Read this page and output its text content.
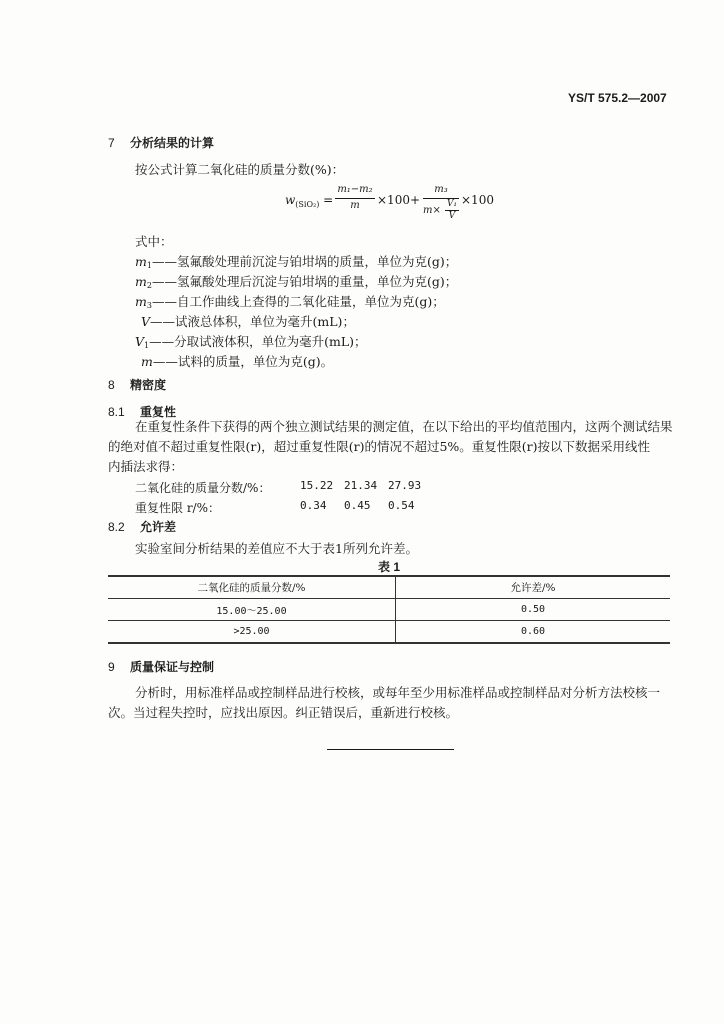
YS/T 575.2—2007
7 分析结果的计算
按公式计算二氧化硅的质量分数(%)：
$w_{(SiO_2)}$ =
m₁−m₂
m	×100+
m₃
m×
V₁
V
×100
式中：
m1——氢氟酸处理前沉淀与铂坩埚的质量，单位为克(g)；
m2——氢氟酸处理后沉淀与铂坩埚的重量，单位为克(g)；
m3——自工作曲线上查得的二氧化硅量，单位为克(g)；
V——试液总体积，单位为毫升(mL)；
V1——分取试液体积，单位为毫升(mL)；
m——试料的质量，单位为克(g)。
8 精密度
8.1 重复性

在重复性条件下获得的两个独立测试结果的测定值，在以下给出的平均值范围内，这两个测试结果

的绝对值不超过重复性限(r)，超过重复性限(r)的情况不超过5%。重复性限(r)按以下数据采用线性

内插法求得：

二氧化硅的质量分数/%：	15.22 21.34 27.93
重复性限 r/%：	0.34 0.45 0.54
8.2 允许差
实验室间分析结果的差值应不大于表1所列允许差。
表 1
二氧化硅的质量分数/%	允许差/%
15.00～25.00	0.50
>25.00	0.60
9 质量保证与控制

分析时，用标准样品或控制样品进行校核，或每年至少用标准样品或控制样品对分析方法校核一

次。当过程失控时，应找出原因。纠正错误后，重新进行校核。
